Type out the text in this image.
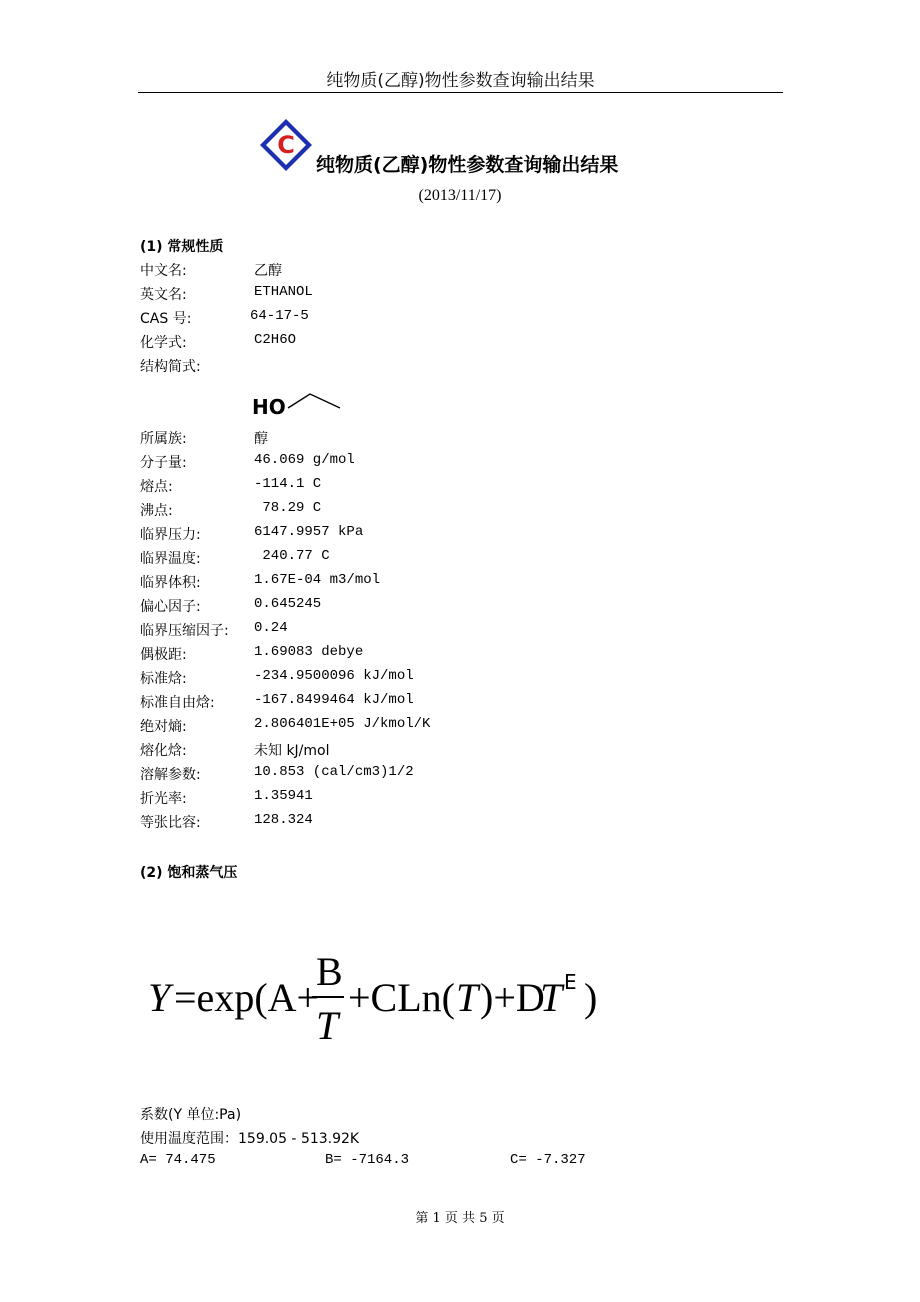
纯物质(乙醇)物性参数查询输出结果
C
纯物质(乙醇)物性参数查询输出结果
(2013/11/17)
(1) 常规性质
中文名:	乙醇
英文名:	ETHANOL
CAS 号:	64-17-5
化学式:	C2H6O
结构简式:
HO
所属族:	醇
分子量:	46.069 g/mol
熔点:	-114.1 C
沸点:	78.29 C
临界压力:	6147.9957 kPa
临界温度:	240.77 C
临界体积:	1.67E-04 m3/mol
偏心因子:	0.645245
临界压缩因子: 0.24
偶极距:	1.69083 debye
标准焓:	-234.9500096 kJ/mol
标准自由焓:	-167.8499464 kJ/mol
绝对熵:	2.806401E+05 J/kmol/K
熔化焓:	未知 kJ/mol
溶解参数:	10.853 (cal/cm3)1/2
折光率:	1.35941
等张比容:	128.324
(2) 饱和蒸气压
Y =exp(A+
B
T
+CLn( T )+D
T E )
系数(Y 单位:Pa)
使用温度范围：159.05 - 513.92K
A= 74.475	B= -7164.3	C= -7.327
第 1 页 共 5 页
